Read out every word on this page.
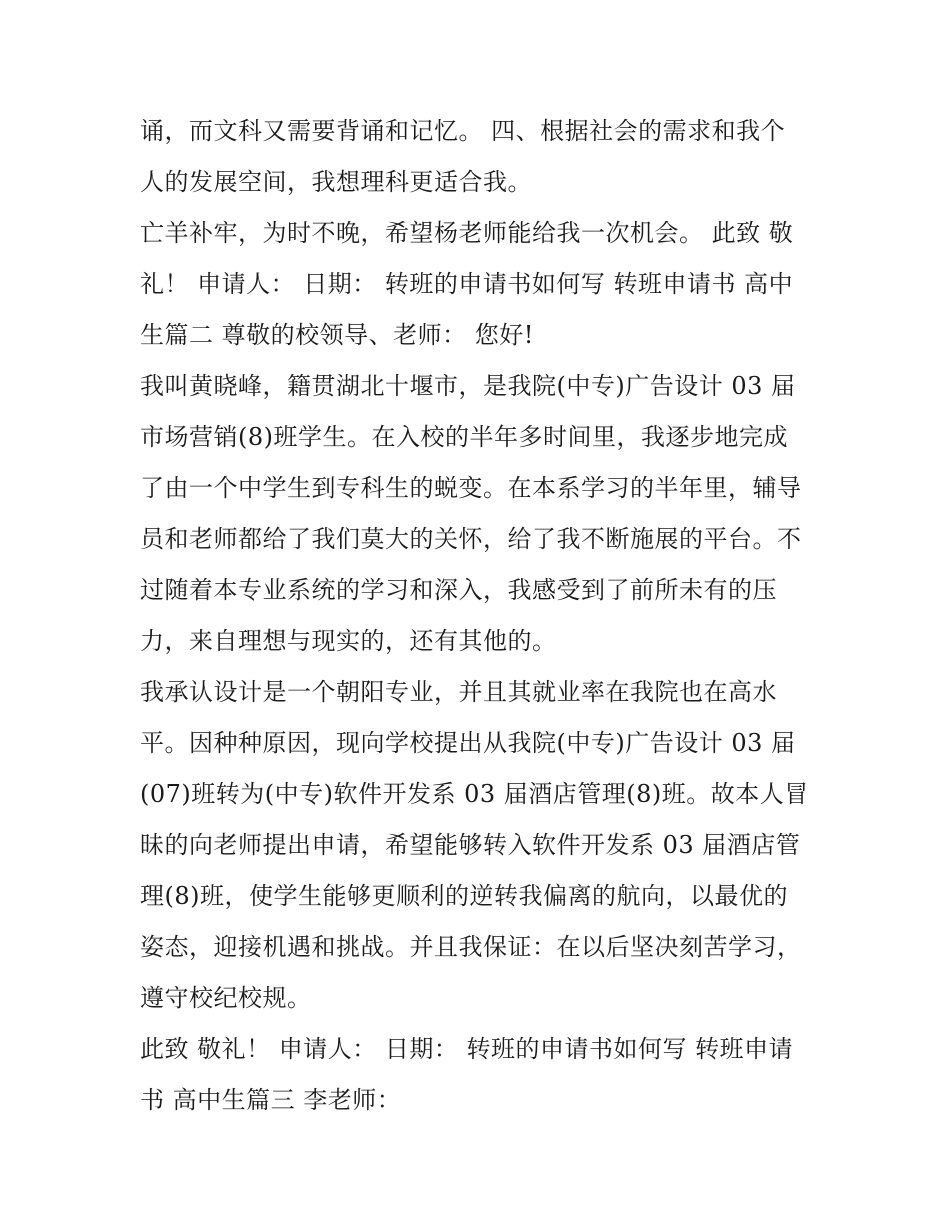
诵，而文科又需要背诵和记忆。 四、根据社会的需求和我个
人的发展空间，我想理科更适合我。
亡羊补牢，为时不晚，希望杨老师能给我一次机会。 此致 敬
礼！ 申请人： 日期： 转班的申请书如何写 转班申请书 高中
生篇二 尊敬的校领导、老师： 您好!
我叫黄晓峰，籍贯湖北十堰市，是我院(中专)广告设计 03 届
市场营销(8)班学生。在入校的半年多时间里，我逐步地完成
了由一个中学生到专科生的蜕变。在本系学习的半年里，辅导
员和老师都给了我们莫大的关怀，给了我不断施展的平台。不
过随着本专业系统的学习和深入，我感受到了前所未有的压
力，来自理想与现实的，还有其他的。
我承认设计是一个朝阳专业，并且其就业率在我院也在高水
平。因种种原因，现向学校提出从我院(中专)广告设计 03 届
(07)班转为(中专)软件开发系 03 届酒店管理(8)班。故本人冒
昧的向老师提出申请，希望能够转入软件开发系 03 届酒店管
理(8)班，使学生能够更顺利的逆转我偏离的航向，以最优的
姿态，迎接机遇和挑战。并且我保证：在以后坚决刻苦学习，
遵守校纪校规。
此致 敬礼！ 申请人： 日期： 转班的申请书如何写 转班申请
书 高中生篇三 李老师：
